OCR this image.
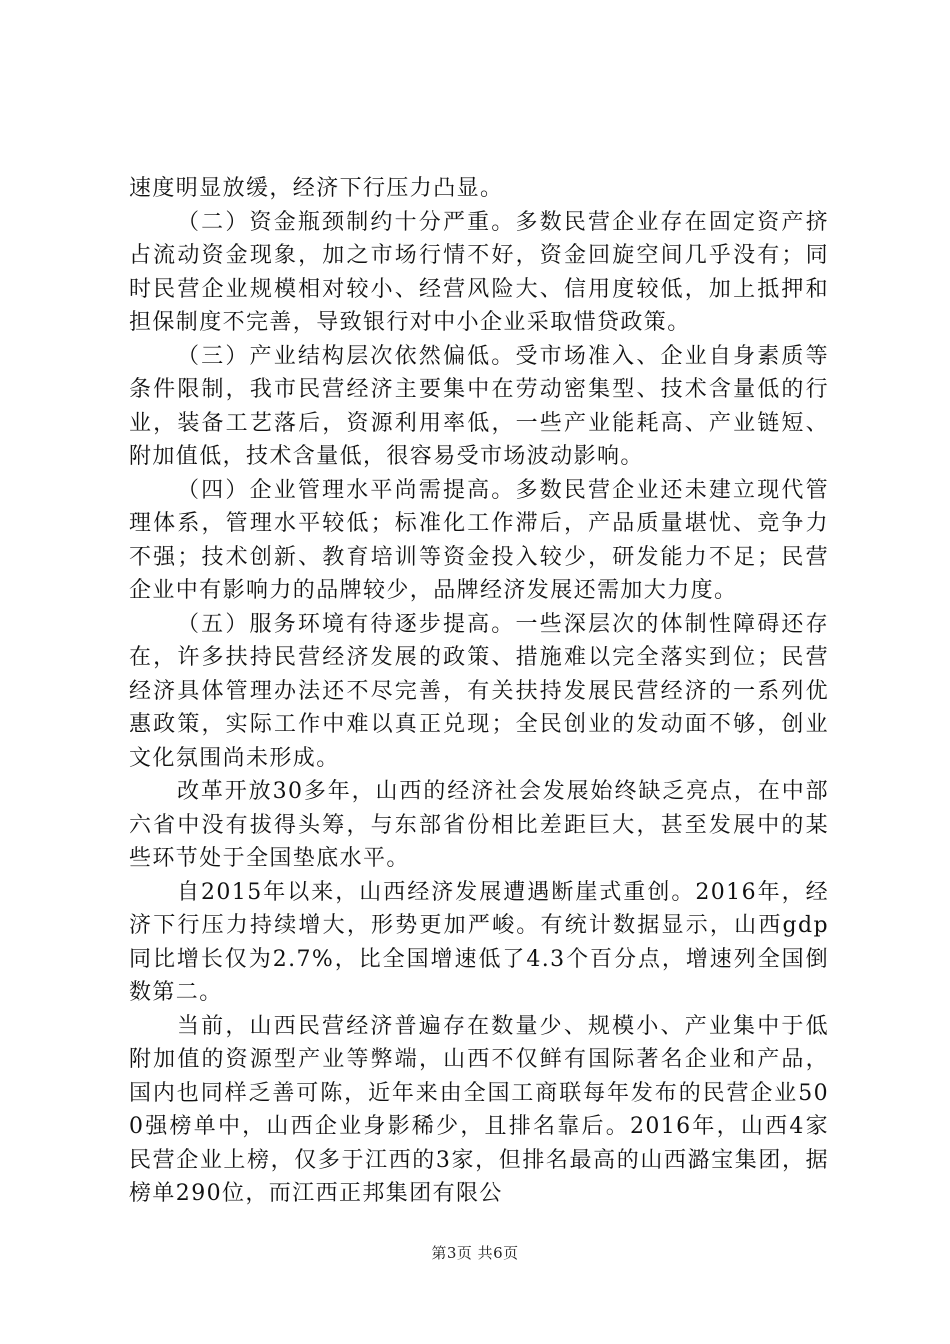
速度明显放缓，经济下行压力凸显。

（二）资金瓶颈制约十分严重。多数民营企业存在固定资产挤占流动资金现象，加之市场行情不好，资金回旋空间几乎没有；同时民营企业规模相对较小、经营风险大、信用度较低，加上抵押和担保制度不完善，导致银行对中小企业采取惜贷政策。

（三）产业结构层次依然偏低。受市场准入、企业自身素质等条件限制，我市民营经济主要集中在劳动密集型、技术含量低的行业，装备工艺落后，资源利用率低，一些产业能耗高、产业链短、附加值低，技术含量低，很容易受市场波动影响。

（四）企业管理水平尚需提高。多数民营企业还未建立现代管理体系，管理水平较低；标准化工作滞后，产品质量堪忧、竞争力不强；技术创新、教育培训等资金投入较少，研发能力不足；民营企业中有影响力的品牌较少，品牌经济发展还需加大力度。

（五）服务环境有待逐步提高。一些深层次的体制性障碍还存在，许多扶持民营经济发展的政策、措施难以完全落实到位；民营经济具体管理办法还不尽完善，有关扶持发展民营经济的一系列优惠政策，实际工作中难以真正兑现；全民创业的发动面不够，创业文化氛围尚未形成。

改革开放30多年，山西的经济社会发展始终缺乏亮点，在中部六省中没有拔得头筹，与东部省份相比差距巨大，甚至发展中的某些环节处于全国垫底水平。

自2015年以来，山西经济发展遭遇断崖式重创。2016年，经济下行压力持续增大，形势更加严峻。有统计数据显示，山西gdp同比增长仅为2.7%，比全国增速低了4.3个百分点，增速列全国倒数第二。

当前，山西民营经济普遍存在数量少、规模小、产业集中于低附加值的资源型产业等弊端，山西不仅鲜有国际著名企业和产品，国内也同样乏善可陈，近年来由全国工商联每年发布的民营企业500强榜单中，山西企业身影稀少，且排名靠后。2016年，山西4家民营企业上榜，仅多于江西的3家，但排名最高的山西潞宝集团，据榜单290位，而江西正邦集团有限公

第3页 共6页
